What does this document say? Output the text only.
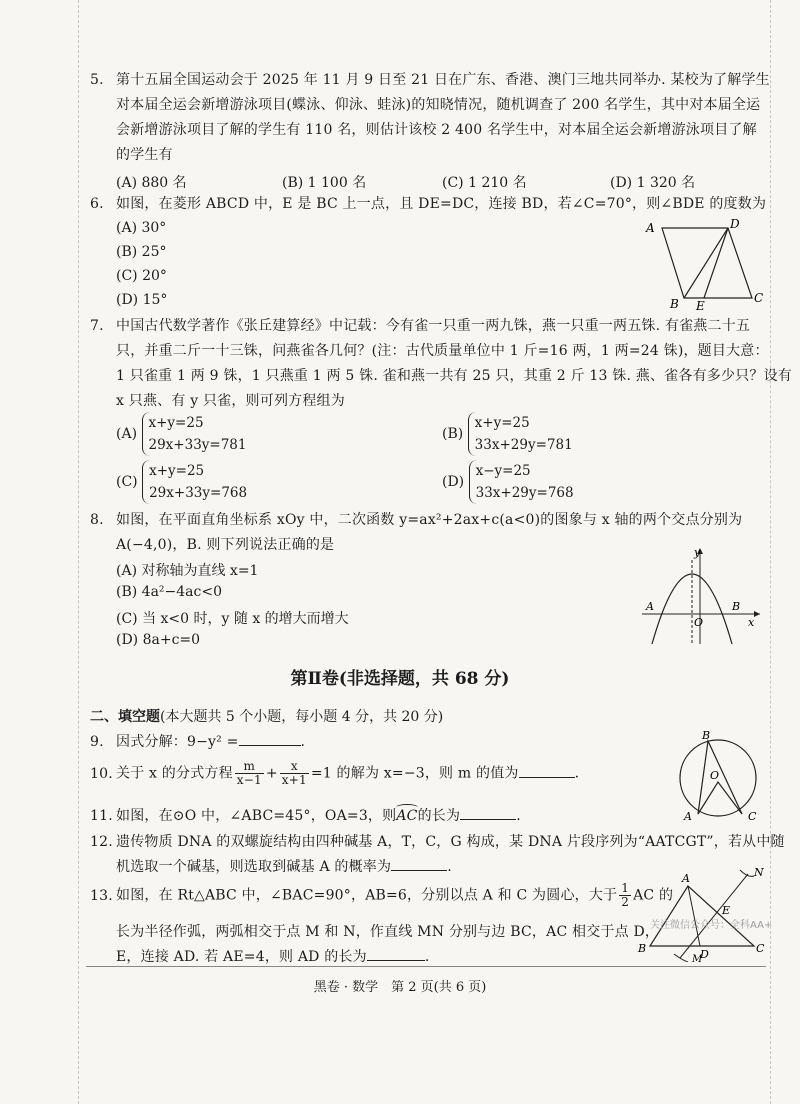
5. 第十五届全国运动会于 2025 年 11 月 9 日至 21 日在广东、香港、澳门三地共同举办. 某校为了解学生
对本届全运会新增游泳项目(蝶泳、仰泳、蛙泳)的知晓情况，随机调查了 200 名学生，其中对本届全运
会新增游泳项目了解的学生有 110 名，则估计该校 2 400 名学生中，对本届全运会新增游泳项目了解
的学生有
(A) 880 名	(B) 1 100 名	(C) 1 210 名	(D) 1 320 名
6. 如图，在菱形 ABCD 中，E 是 BC 上一点，且 DE=DC，连接 BD，若∠C=70°，则∠BDE 的度数为
(A) 30°
(B) 25°
(C) 20°
(D) 15°
A	D
B E
C
7. 中国古代数学著作《张丘建算经》中记载：今有雀一只重一两九铢，燕一只重一两五铢. 有雀燕二十五
只，并重二斤一十三铢，问燕雀各几何？(注：古代质量单位中 1 斤=16 两，1 两=24 铢)，题目大意：
1 只雀重 1 两 9 铢，1 只燕重 1 两 5 铢. 雀和燕一共有 25 只，其重 2 斤 13 铢. 燕、雀各有多少只？设有
x 只燕、有 y 只雀，则可列方程组为
(A) x+y=25
29x+33y=781
(B) x+y=25
33x+29y=781
(C) x+y=25
29x+33y=768
(D) x−y=25
33x+29y=768
8. 如图，在平面直角坐标系 xOy 中，二次函数 y=ax²+2ax+c(a<0)的图象与 x 轴的两个交点分别为
A(−4,0)，B. 则下列说法正确的是
(A) 对称轴为直线 x=1
(B) 4a²−4ac<0
(C) 当 x<0 时，y 随 x 的增大而增大
(D) 8a+c=0
y
A
O
B
x
第Ⅱ卷(非选择题，共 68 分)
二、填空题(本大题共 5 个小题，每小题 4 分，共 20 分)
9. 因式分解：9−y² =	.
10. 关于 x 的分式方程 $\frac{m}{x-1} + \frac{x}{x+1} =1$ 的解为 x=−3，则 m 的值为	.
11. 如图，在⊙O 中，∠ABC=45°，OA=3，则AC
的长为	.
B
O
A	C
12. 遗传物质 DNA 的双螺旋结构由四种碱基 A，T，C，G 构成，某 DNA 片段序列为“AATCGT”，若从中随
机选取一个碱基，则选取到碱基 A 的概率为	.
13. 如图，在 Rt△ABC 中，∠BAC=90°，AB=6，分别以点 A 和 C 为圆心，大于 $\frac{1}{2}$ AC 的
长为半径作弧，两弧相交于点 M 和 N，作直线 MN 分别与边 BC，AC 相交于点 D，
E，连接 AD. 若 AE=4，则 AD 的长为	.
N
A
E
B	D	C
M
关注微信公众号：全科AA+
黑卷 · 数学　第 2 页(共 6 页)
